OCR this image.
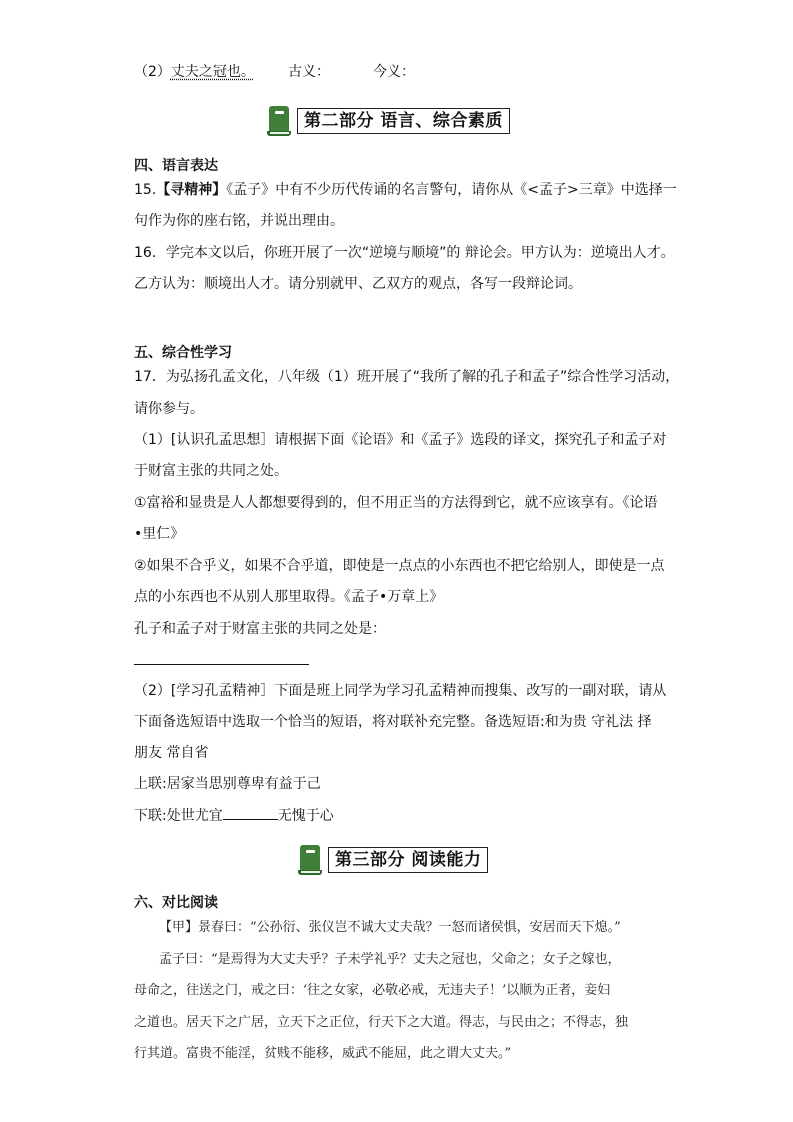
（2）丈夫之冠也。 古义：	今义：
第二部分 语言、综合素质
四、语言表达
15.【寻精神】《孟子》中有不少历代传诵的名言警句，请你从《<孟子>三章》中选择一
句作为你的座右铭，并说出理由。
16．学完本文以后，你班开展了一次“逆境与顺境”的 辩论会。甲方认为：逆境出人才。
乙方认为：顺境出人才。请分别就甲、乙双方的观点，各写一段辩论词。
五、综合性学习
17．为弘扬孔孟文化，八年级（1）班开展了“我所了解的孔子和孟子”综合性学习活动，
请你参与。
（1）[认识孔孟思想］请根据下面《论语》和《孟子》选段的译文，探究孔子和孟子对
于财富主张的共同之处。
①富裕和显贵是人人都想要得到的，但不用正当的方法得到它，就不应该享有。《论语
•里仁》
②如果不合乎义，如果不合乎道，即使是一点点的小东西也不把它给别人，即使是一点
点的小东西也不从别人那里取得。《孟子•万章上》
孔子和孟子对于财富主张的共同之处是：
（2）[学习孔孟精神］下面是班上同学为学习孔孟精神而搜集、改写的一副对联，请从
下面备选短语中选取一个恰当的短语，将对联补充完整。备选短语:和为贵 守礼法 择
朋友 常自省
上联:居家当思别尊卑有益于己
下联:处世尤宜	无愧于心
第三部分 阅读能力
六、对比阅读
【甲】景春曰：“公孙衍、张仪岂不诚大丈夫哉？一怒而诸侯惧，安居而天下熄。”
孟子曰：“是焉得为大丈夫乎？子未学礼乎？丈夫之冠也，父命之；女子之嫁也，
母命之，往送之门，戒之曰：‘往之女家，必敬必戒，无违夫子！’以顺为正者，妾妇
之道也。居天下之广居，立天下之正位，行天下之大道。得志，与民由之；不得志，独
行其道。富贵不能淫，贫贱不能移，威武不能屈，此之谓大丈夫。”
